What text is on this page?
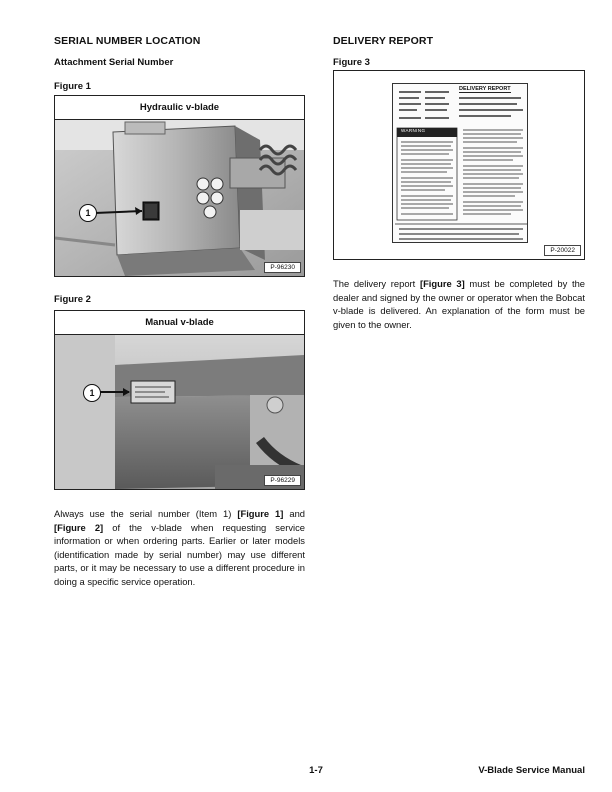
SERIAL NUMBER LOCATION
Attachment Serial Number
Figure 1
Hydraulic v-blade
1
P-96230
Figure 2
Manual v-blade
1
P-96229
Always use the serial number (Item 1) [Figure 1] and [Figure 2] of the v-blade when requesting service information or when ordering parts. Earlier or later models (identification made by serial number) may use different parts, or it may be necessary to use a different procedure in doing a specific service operation.
DELIVERY REPORT
Figure 3
DELIVERY REPORT
WARNING
P-20022
The delivery report [Figure 3] must be completed by the dealer and signed by the owner or operator when the Bobcat v-blade is delivered. An explanation of the form must be given to the owner.
1-7	V-Blade Service Manual
